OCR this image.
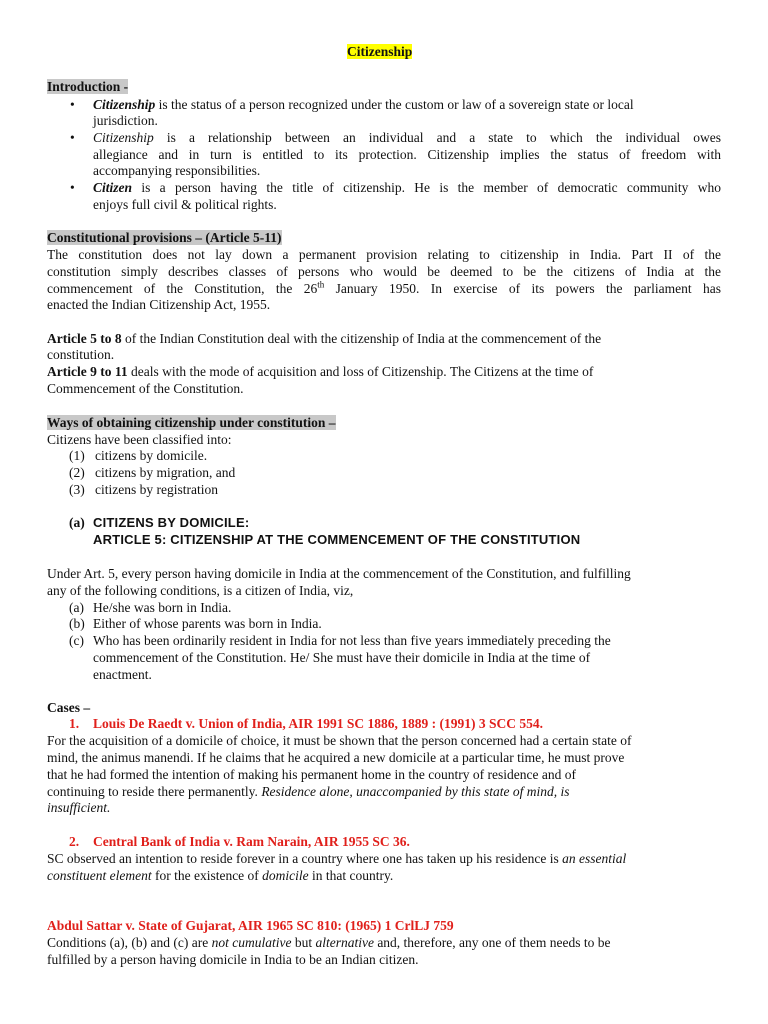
Citizenship
Introduction -
• Citizenship is the status of a person recognized under the custom or law of a sovereign state or local
jurisdiction.
• Citizenship is a relationship between an individual and a state to which the individual owes
allegiance and in turn is entitled to its protection. Citizenship implies the status of freedom with
accompanying responsibilities.
• Citizen is a person having the title of citizenship. He is the member of democratic community who
enjoys full civil & political rights.
Constitutional provisions – (Article 5-11)
The constitution does not lay down a permanent provision relating to citizenship in India. Part II of the
constitution simply describes classes of persons who would be deemed to be the citizens of India at the
commencement of the Constitution, the 26th January 1950. In exercise of its powers the parliament has
enacted the Indian Citizenship Act, 1955.
Article 5 to 8 of the Indian Constitution deal with the citizenship of India at the commencement of the
constitution.
Article 9 to 11 deals with the mode of acquisition and loss of Citizenship. The Citizens at the time of
Commencement of the Constitution.
Ways of obtaining citizenship under constitution –
Citizens have been classified into:
(1) citizens by domicile.
(2) citizens by migration, and
(3) citizens by registration
(a) CITIZENS BY DOMICILE:
ARTICLE 5: CITIZENSHIP AT THE COMMENCEMENT OF THE CONSTITUTION
Under Art. 5, every person having domicile in India at the commencement of the Constitution, and fulfilling
any of the following conditions, is a citizen of India, viz,
(a) He/she was born in India.
(b) Either of whose parents was born in India.
(c) Who has been ordinarily resident in India for not less than five years immediately preceding the
commencement of the Constitution. He/ She must have their domicile in India at the time of
enactment.
Cases –
1. Louis De Raedt v. Union of India, AIR 1991 SC 1886, 1889 : (1991) 3 SCC 554.
For the acquisition of a domicile of choice, it must be shown that the person concerned had a certain state of
mind, the animus manendi. If he claims that he acquired a new domicile at a particular time, he must prove
that he had formed the intention of making his permanent home in the country of residence and of
continuing to reside there permanently. Residence alone, unaccompanied by this state of mind, is
insufficient.
2. Central Bank of India v. Ram Narain, AIR 1955 SC 36.
SC observed an intention to reside forever in a country where one has taken up his residence is an essential
constituent element for the existence of domicile in that country.
Abdul Sattar v. State of Gujarat, AIR 1965 SC 810: (1965) 1 CrlLJ 759
Conditions (a), (b) and (c) are not cumulative but alternative and, therefore, any one of them needs to be
fulfilled by a person having domicile in India to be an Indian citizen.
